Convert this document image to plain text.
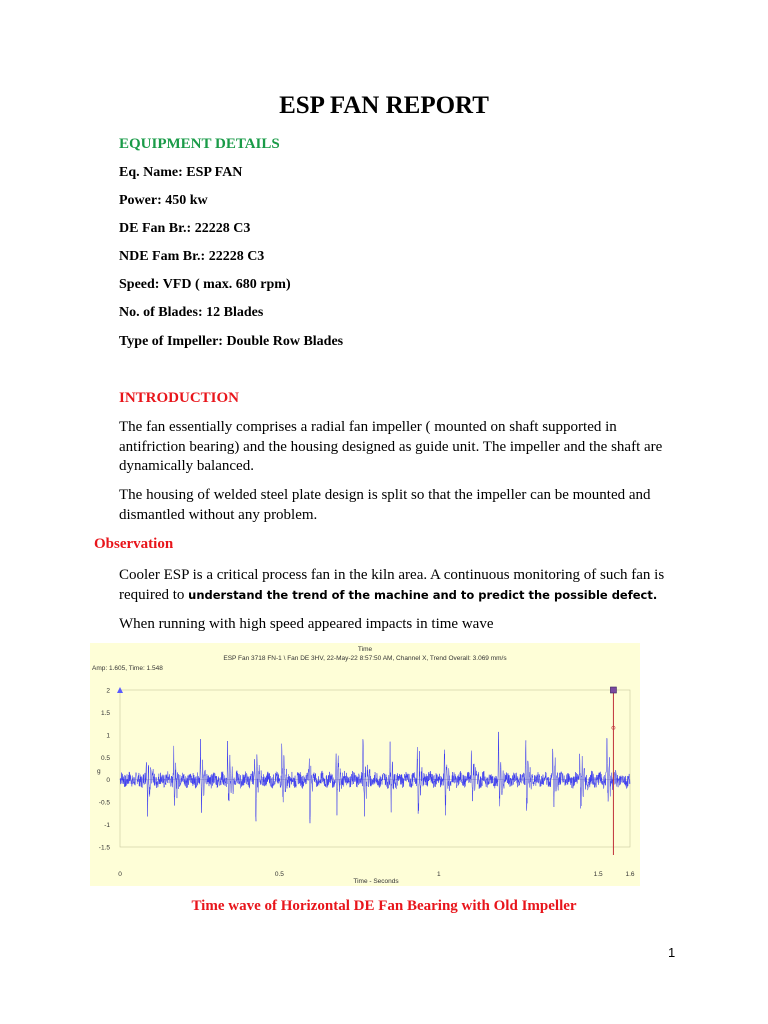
ESP FAN REPORT

EQUIPMENT DETAILS

Eq. Name: ESP FAN

Power: 450 kw

DE Fan Br.: 22228 C3

NDE Fam Br.: 22228 C3

Speed: VFD ( max. 680 rpm)

No. of Blades: 12 Blades

Type of Impeller: Double Row Blades

INTRODUCTION

The fan essentially comprises a radial fan impeller ( mounted on shaft supported in antifriction bearing) and the housing designed as guide unit. The impeller and the shaft are dynamically balanced.

The housing of welded steel plate design is split so that the impeller can be mounted and dismantled without any problem.

Observation

Cooler ESP is a critical process fan in the kiln area. A continuous monitoring of such fan is required to understand the trend of the machine and to predict the possible defect.

When running with high speed appeared impacts in time wave

Time
ESP Fan 3718 FN-1 \ Fan DE 3HV, 22-May-22 8:57:50 AM, Channel X, Trend Overall: 3.069 mm/s
Amp: 1.605, Time: 1.548
g
Time - Seconds
2
1.5
1
0.5
0
-0.5
-1
-1.5
0	0.5	1	1.5	1.6

Time wave of Horizontal DE Fan Bearing with Old Impeller

1
